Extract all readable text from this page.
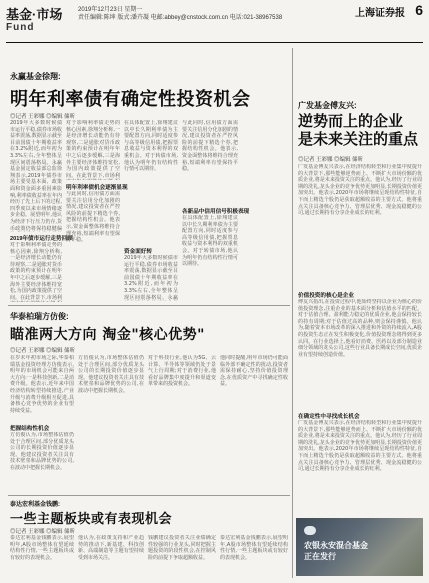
基金·市场
Fund
2019年12月23日 星期一
责任编辑:陈坤 版式:潘卉凝 电邮:abbey@cnstock.com.cn 电话:021-38967538	上海证券报 6
永赢基金徐翔:
明年利率债有确定性投资机会
◎记者 王彩娜 ◎编辑 储昕
2019年大多数时候债市运行平稳,债券市场收益率震荡,数据显示截至目前国债十年期收益率在3.2%附近,而年初为3.3%左右,全年整体呈现区间震荡格局。永赢基金固定收益部总监徐翔表示,2019年债券市场主要受基本面、政策面和资金面多重因素影响,利率债收益率在年内经历了先上后下的过程,四季度以来市场情绪逐步企稳。展望明年,他认为经济下行压力仍存,货币政策仍将保持稳健偏
2019年债市运行走势回顾
对于影响利率债走势的核心因素,徐翔分析称,一是经济增长动能仍有待观察,二是通胀对货币政策的约束预计在明年年中之后逐步缓解,三是海外主要经济体维持宽松,为国内政策提供了空间。在此背景下,市场利
对于影响利率债走势的核心因素,徐翔分析称,一是经济增长动能仍有待观察,二是通胀对货币政策的约束预计在明年年中之后逐步缓解,三是海外主要经济体维持宽松,为国内政策提供了空间。在此背景下,市场利
明年利率债机会逐渐显现
与此同时,信用债方面需要关注信用分化加剧的情况,建议投资者在严控风险的前提下精选个券,把握结构性机会。他表示,资金面整体将维持合理充裕,短端利率有望保持平稳。
在具体配置上,徐翔建议以中长久期利率债为主要配置方向,同时适度参与高等级信用债,把握票息收益与资本利得的双重机会。对于转债市场,他认为明年仍有结构性行情可以期待。
资金面好转
2019年大多数时候债市运行平稳,债券市场收益率震荡,数据显示截至目前国债十年期收益率在3.2%附近,而年初为3.3%左右,全年整体呈现区间震荡格局。永赢
与此同时,信用债方面需要关注信用分化加剧的情况,建议投资者在严控风险的前提下精选个券,把握结构性机会。他表示,资金面整体将维持合理充裕,短端利率有望保持平稳。
各新品中信用信号积极表现
在具体配置上,徐翔建议以中长久期利率债为主要配置方向,同时适度参与高等级信用债,把握票息收益与资本利得的双重机会。对于转债市场,他认为明年仍有结构性行情可以期待。
华泰柏瑞方仿俊:
瞄准两大方向 淘金"核心优势"
◎记者 王彩娜 ◎编辑 储昕
在岁末年初市场之际,华泰柏瑞基金投资经理方仿俊表示,明年的市场机会可能来自两大方向:一是科技创新,二是消费升级。他表示,近年来中国经济结构转型持续推进,产业升级与消费升级相互促进,具备核心竞争优势的企业有望持续受益。
把握结构性机会
方仿俊认为,市场整体估值仍处于合理区间,部分优质龙头公司的长期投资价值逐步显现。他建议投资者关注具有技术壁垒和品牌优势的公司,在波动中把握长期机会。
方仿俊认为,市场整体估值仍处于合理区间,部分优质龙头公司的长期投资价值逐步显现。他建议投资者关注具有技术壁垒和品牌优势的公司,在波动中把握长期机会。
对于科技行业,他认为5G、云计算、半导体等领域仍处于景气上行周期;对于消费行业,他看好品牌集中度提升和渠道变革带来的投资机会。
他同时提醒,明年市场仍可能面临外部不确定性的扰动,投资者需保持耐心,坚持价值投资理念,在优质资产中寻找确定性收益。
泰达宏利基金钱鹏:
一些主题板块或有表现机会
◎记者 王彩娜 ◎编辑 储昕
泰达宏利基金钱鹏表示,展望明年,A股市场整体有望延续结构性行情,一些主题板块或有较好的表现机会。
他认为,在政策支持和产业趋势的推动下,新基建、科技创新、高端制造等主题有望持续受到市场关注。
钱鹏建议投资者关注业绩确定性较强的行业龙头,同时把握主题投资的阶段性机会,在控制风险的前提下争取超额收益。
泰达宏利基金钱鹏表示,展望明年,A股市场整体有望延续结构性行情,一些主题板块或有较好的表现机会。
广发基金傅友兴:
逆势而上的企业
是未来关注的重点
◎记者 王彩娜 ◎编辑 储昕
广发基金傅友兴表示,在经济结构转型和行业集中度提升的大背景下,那些能够逆势而上、不断扩大市场份额的优质企业,将是未来投资关注的重点。他认为,经历了行业周期的洗礼,龙头企业的竞争优势更加明显,长期投资价值更加突出。他表示,2020年市场将继续呈现结构性特征,自下而上精选个股仍是获取超额收益的主要方式。他将重点关注具备核心竞争力、管理层优秀、现金流稳健的公司,通过长期持有分享企业成长的红利。
价值投资的核心是企业
傅友兴指出,在投资过程中,他始终坚持以企业为核心的价值投资理念,注重企业的基本面分析和估值水平的匹配。对于估值合理、盈利能力稳定的优质企业,他会保持较长的持有周期;对于估值过高的品种,则会保持谨慎。他认为,随着资本市场改革的深入推进和外资的持续流入,A股的投资生态正在发生积极变化,价值投资理念将得到更多认同。在行业选择上,他看好消费、医药以及部分制造业细分领域的龙头公司,这些行业具备长期成长空间,优质企业有望持续创造价值。
在确定性中寻找成长机会
广发基金傅友兴表示,在经济结构转型和行业集中度提升的大背景下,那些能够逆势而上、不断扩大市场份额的优质企业,将是未来投资关注的重点。他认为,经历了行业周期的洗礼,龙头企业的竞争优势更加明显,长期投资价值更加突出。他表示,2020年市场将继续呈现结构性特征,自下而上精选个股仍是获取超额收益的主要方式。他将重点关注具备核心竞争力、管理层优秀、现金流稳健的公司,通过长期持有分享企业成长的红利。
农银永安混合基金
正在发行
